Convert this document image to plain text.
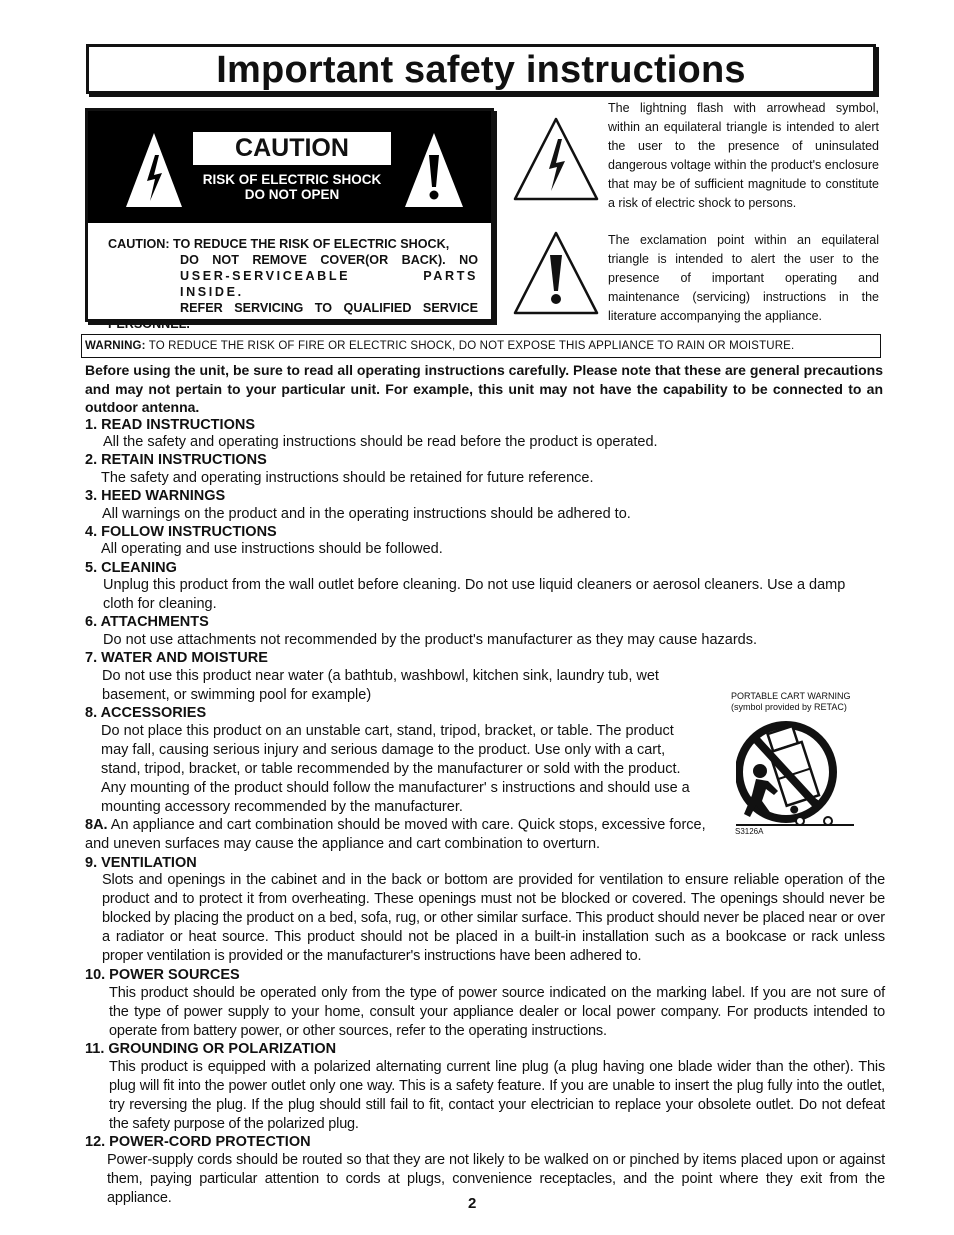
Important safety instructions
CAUTION
RISK OF ELECTRIC SHOCK
DO NOT OPEN
CAUTION: TO REDUCE THE RISK OF ELECTRIC SHOCK,
DO NOT REMOVE COVER(OR BACK). NO
USER-SERVICEABLE PARTS INSIDE.
REFER SERVICING TO QUALIFIED SERVICE
PERSONNEL.
The lightning flash with arrowhead symbol, within an equilateral triangle is intended to alert the user to the presence of uninsulated dangerous voltage within the product's enclosure that may be of sufficient magnitude to constitute a risk of electric shock to persons.
The exclamation point within an equilateral triangle is intended to alert the user to the presence of important operating and maintenance (servicing) instructions in the literature accompanying the appliance.
WARNING: TO REDUCE THE RISK OF FIRE OR ELECTRIC SHOCK, DO NOT EXPOSE THIS APPLIANCE TO RAIN OR MOISTURE.
Before using the unit, be sure to read all operating instructions carefully. Please note that these are general precautions and may not pertain to your particular unit. For example, this unit may not have the capability to be connected to an outdoor antenna.
1. READ INSTRUCTIONS
All the safety and operating instructions should be read before the product is operated.
2. RETAIN INSTRUCTIONS
The safety and operating instructions should be retained for future reference.
3. HEED WARNINGS
All warnings on the product and in the operating instructions should be adhered to.
4. FOLLOW INSTRUCTIONS
All operating and use instructions should be followed.
5. CLEANING
Unplug this product from the wall outlet before cleaning. Do not use liquid cleaners or aerosol cleaners. Use a damp cloth for cleaning.
6. ATTACHMENTS
Do not use attachments not recommended by the product's manufacturer as they may cause hazards.
7. WATER AND MOISTURE
Do not use this product near water (a bathtub, washbowl, kitchen sink, laundry tub, wet basement, or swimming pool for example)
8. ACCESSORIES
Do not place this product on an unstable cart, stand, tripod, bracket, or table. The product may fall, causing serious injury and serious damage to the product. Use only with a cart, stand, tripod, bracket, or table recommended by the manufacturer or sold with the product. Any mounting of the product should follow the manufacturer' s instructions and should use a mounting accessory recommended by the manufacturer.
8A. An appliance and cart combination should be moved with care. Quick stops, excessive force, and uneven surfaces may cause the appliance and cart combination to overturn.
9. VENTILATION
Slots and openings in the cabinet and in the back or bottom are provided for ventilation to ensure reliable operation of the product and to protect it from overheating. These openings must not be blocked or covered. The openings should never be blocked by placing the product on a bed, sofa, rug, or other similar surface. This product should never be placed near or over a radiator or heat source. This product should not be placed in a built-in installation such as a bookcase or rack unless proper ventilation is provided or the manufacturer's instructions have been adhered to.
10. POWER SOURCES
This product should be operated only from the type of power source indicated on the marking label. If you are not sure of the type of power supply to your home, consult your appliance dealer or local power company. For products intended to operate from battery power, or other sources, refer to the operating instructions.
11. GROUNDING OR POLARIZATION
This product is equipped with a polarized alternating current line plug (a plug having one blade wider than the other). This plug will fit into the power outlet only one way. This is a safety feature. If you are unable to insert the plug fully into the outlet, try reversing the plug. If the plug should still fail to fit, contact your electrician to replace your obsolete outlet. Do not defeat the safety purpose of the polarized plug.
12. POWER-CORD PROTECTION
Power-supply cords should be routed so that they are not likely to be walked on or pinched by items placed upon or against them, paying particular attention to cords at plugs, convenience receptacles, and the point where they exit from the appliance.
PORTABLE CART WARNING
(symbol provided by RETAC)
S3126A
2
